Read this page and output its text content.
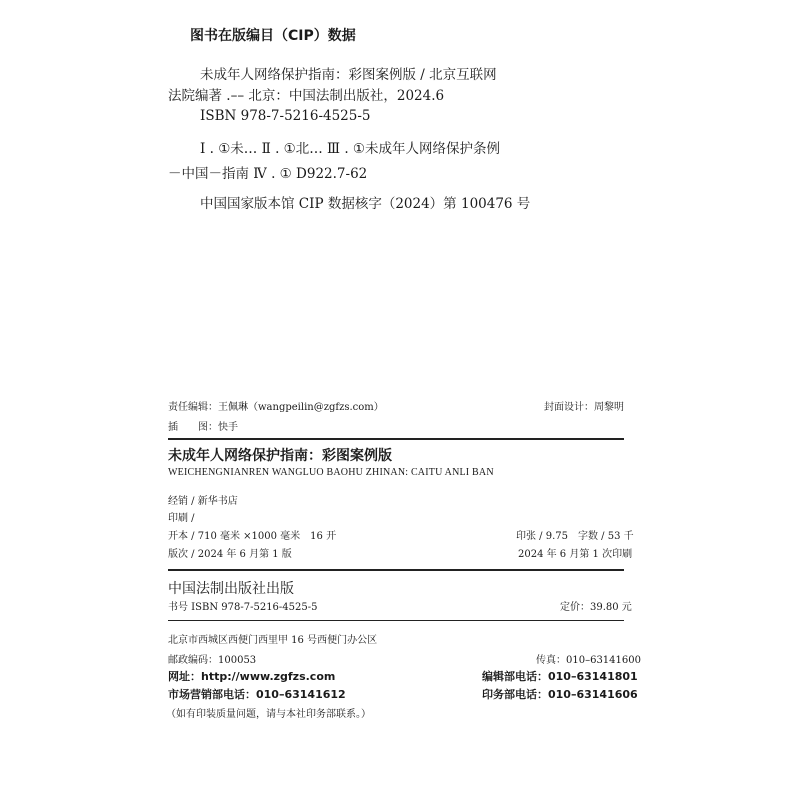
图书在版编目（CIP）数据
未成年人网络保护指南：彩图案例版 / 北京互联网
法院编著 .–– 北京：中国法制出版社，2024.6
ISBN 978-7-5216-4525-5
Ⅰ . ①未… Ⅱ . ①北… Ⅲ . ①未成年人网络保护条例
－中国－指南 Ⅳ . ① D922.7-62
中国国家版本馆 CIP 数据核字（2024）第 100476 号
责任编辑：王佩琳（wangpeilin@zgfzs.com）	封面设计：周黎明
插　　图：快手
未成年人网络保护指南：彩图案例版
WEICHENGNIANREN WANGLUO BAOHU ZHINAN: CAITU ANLI BAN
经销 / 新华书店
印刷 /
开本 / 710 毫米 ×1000 毫米　16 开	印张 / 9.75　字数 / 53 千
版次 / 2024 年 6 月第 1 版	2024 年 6 月第 1 次印刷
中国法制出版社出版
书号 ISBN 978-7-5216-4525-5	定价：39.80 元
北京市西城区西便门西里甲 16 号西便门办公区
邮政编码：100053	传真：010–63141600
网址：http://www.zgfzs.com	编辑部电话：010–63141801
市场营销部电话：010–63141612	印务部电话：010–63141606
（如有印装质量问题，请与本社印务部联系。）
